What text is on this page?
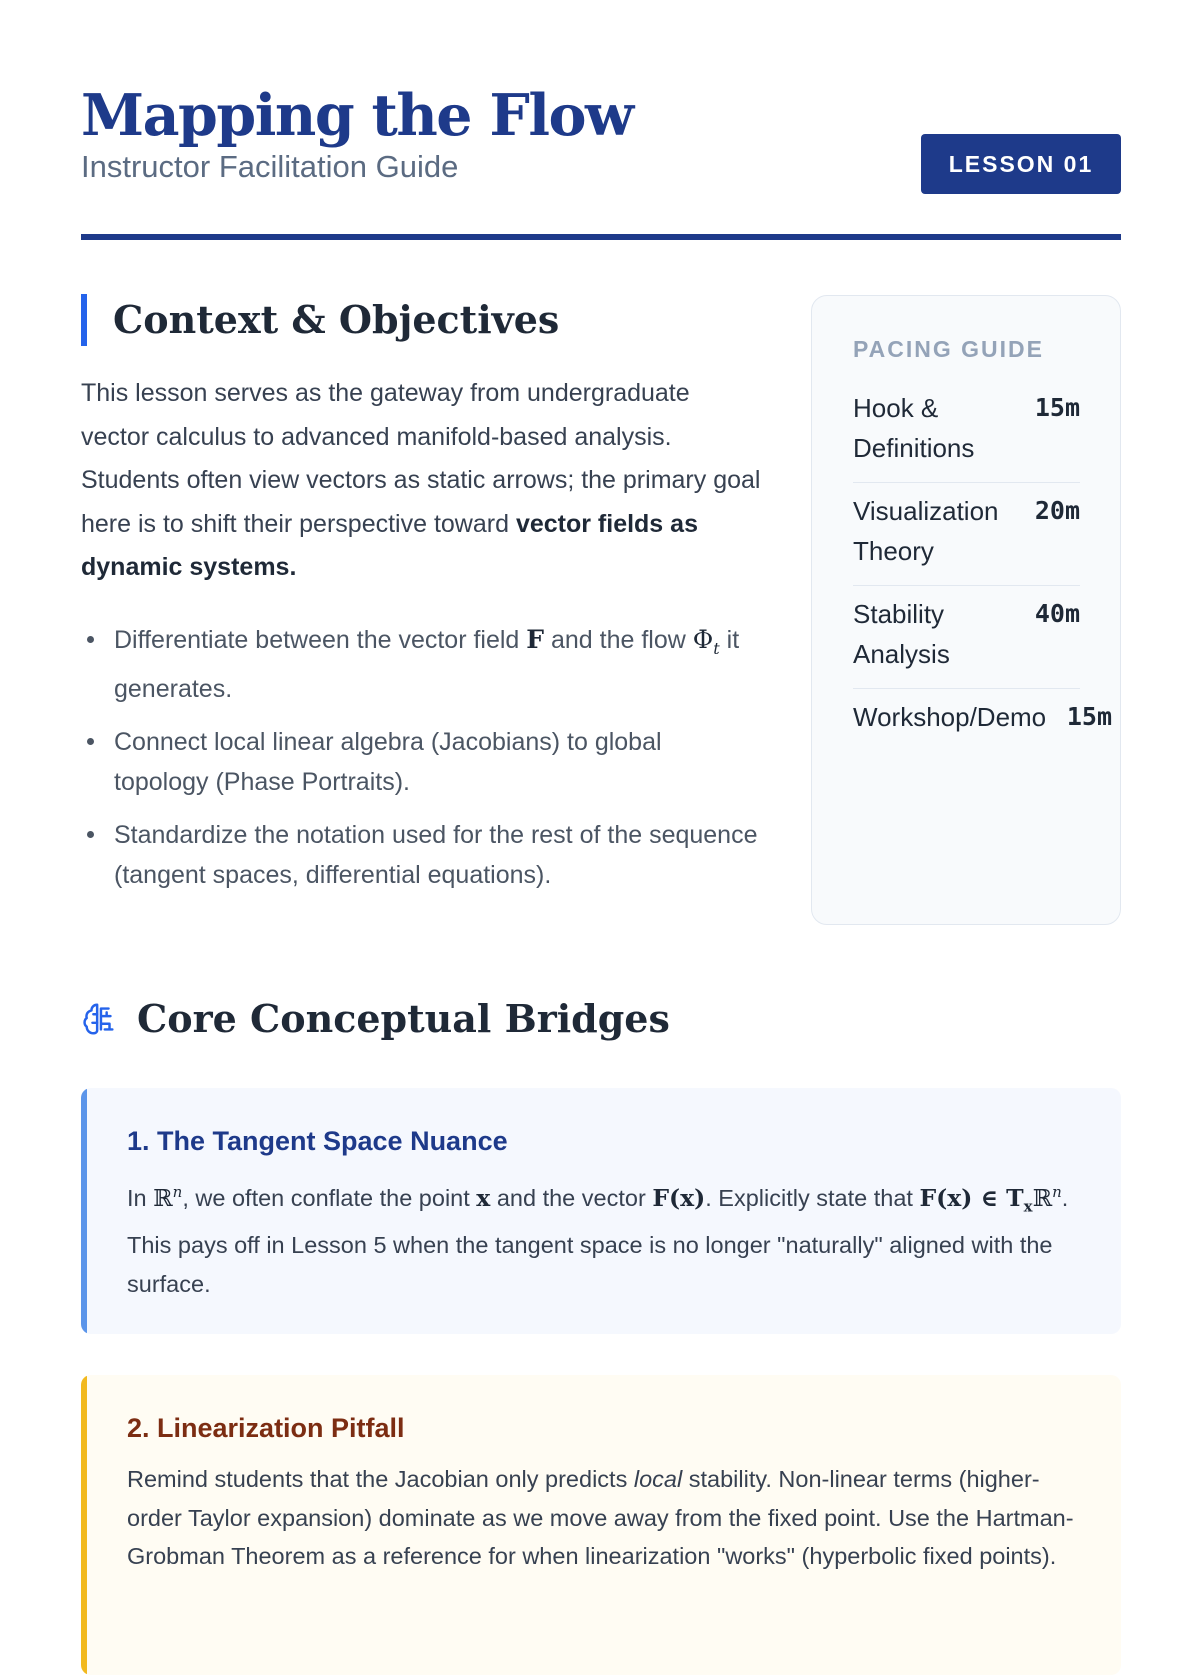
Mapping the Flow
Instructor Facilitation Guide	LESSON 01
Context & Objectives

This lesson serves as the gateway from undergraduate vector calculus to advanced manifold-based analysis. Students often view vectors as static arrows; the primary goal here is to shift their perspective toward vector fields as dynamic systems.

Differentiate between the vector field F and the flow $\Phi_t$ it generates.
Connect local linear algebra (Jacobians) to global topology (Phase Portraits).
Standardize the notation used for the rest of the sequence (tangent spaces, differential equations).
PACING GUIDE
Hook & Definitions
15m
Visualization Theory
20m
Stability Analysis
40m
Workshop/Demo 15m
Core Conceptual Bridges
1. The Tangent Space Nuance

In ℝ$^n$, we often conflate the point x and the vector F(x). Explicitly state that F(x) ∈ $T_xℝ^n$. This pays off in Lesson 5 when the tangent space is no longer "naturally" aligned with the surface.

2. Linearization Pitfall

Remind students that the Jacobian only predicts local stability. Non-linear terms (higher-order Taylor expansion) dominate as we move away from the fixed point. Use the Hartman-Grobman Theorem as a reference for when linearization "works" (hyperbolic fixed points).
